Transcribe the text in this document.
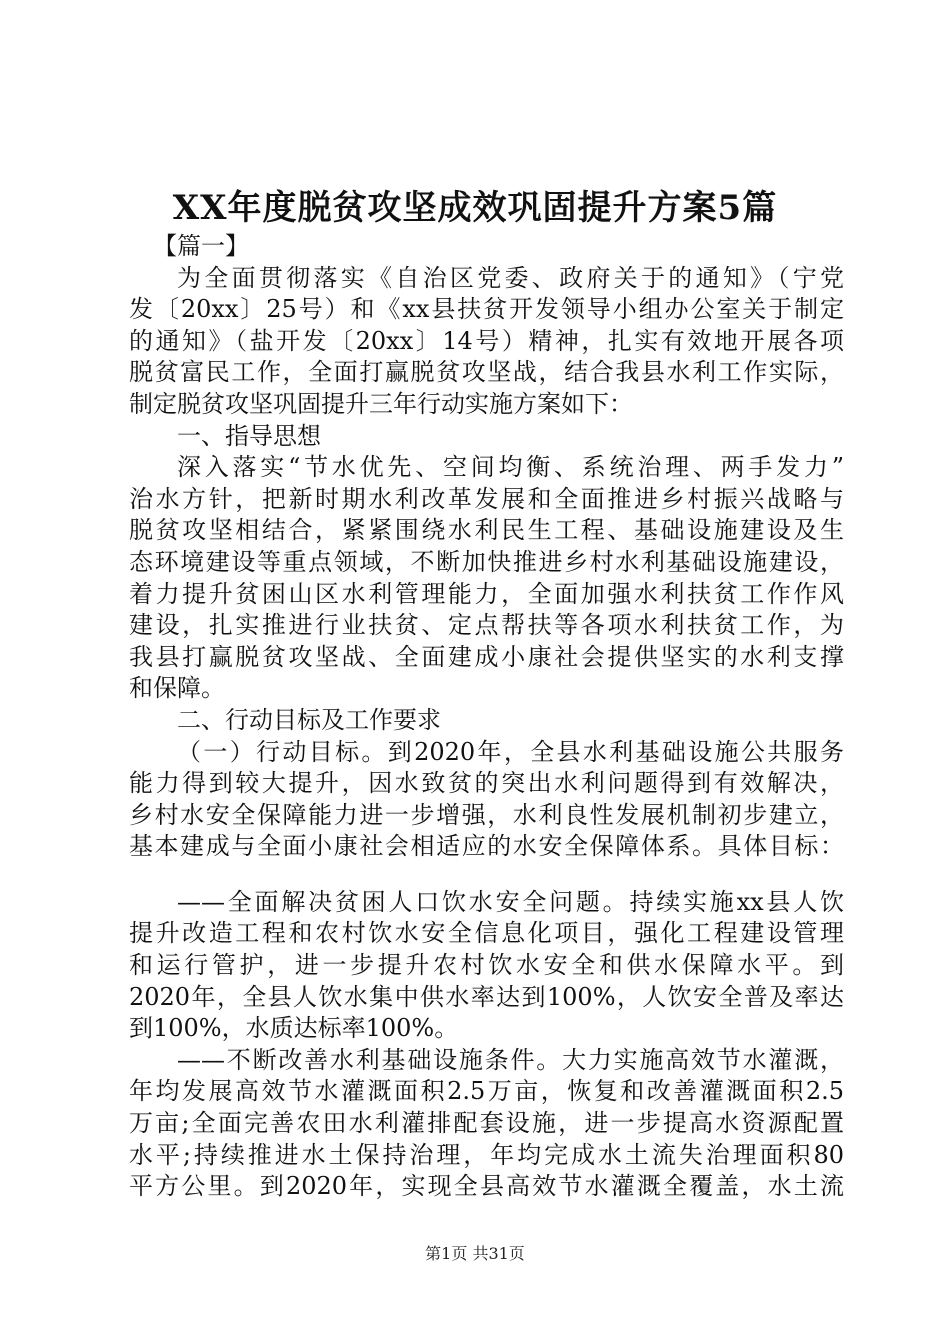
XX年度脱贫攻坚成效巩固提升方案5篇
【篇一】
为全面贯彻落实《自治区党委、政府关于的通知》（宁党
发〔20xx〕25号）和《xx县扶贫开发领导小组办公室关于制定
的通知》（盐开发〔20xx〕14号）精神，扎实有效地开展各项
脱贫富民工作，全面打赢脱贫攻坚战，结合我县水利工作实际，
制定脱贫攻坚巩固提升三年行动实施方案如下：
一、指导思想
深入落实“节水优先、空间均衡、系统治理、两手发力”
治水方针，把新时期水利改革发展和全面推进乡村振兴战略与
脱贫攻坚相结合，紧紧围绕水利民生工程、基础设施建设及生
态环境建设等重点领域，不断加快推进乡村水利基础设施建设，
着力提升贫困山区水利管理能力，全面加强水利扶贫工作作风
建设，扎实推进行业扶贫、定点帮扶等各项水利扶贫工作，为
我县打赢脱贫攻坚战、全面建成小康社会提供坚实的水利支撑
和保障。
二、行动目标及工作要求
（一）行动目标。到2020年，全县水利基础设施公共服务
能力得到较大提升，因水致贫的突出水利问题得到有效解决，
乡村水安全保障能力进一步增强，水利良性发展机制初步建立，
基本建成与全面小康社会相适应的水安全保障体系。具体目标：
——全面解决贫困人口饮水安全问题。持续实施xx县人饮
提升改造工程和农村饮水安全信息化项目，强化工程建设管理
和运行管护，进一步提升农村饮水安全和供水保障水平。到
2020年，全县人饮水集中供水率达到100%，人饮安全普及率达
到100%，水质达标率100%。
——不断改善水利基础设施条件。大力实施高效节水灌溉，
年均发展高效节水灌溉面积2.5万亩，恢复和改善灌溉面积2.5
万亩;全面完善农田水利灌排配套设施，进一步提高水资源配置
水平;持续推进水土保持治理，年均完成水土流失治理面积80
平方公里。到2020年，实现全县高效节水灌溉全覆盖，水土流
第1页 共31页
